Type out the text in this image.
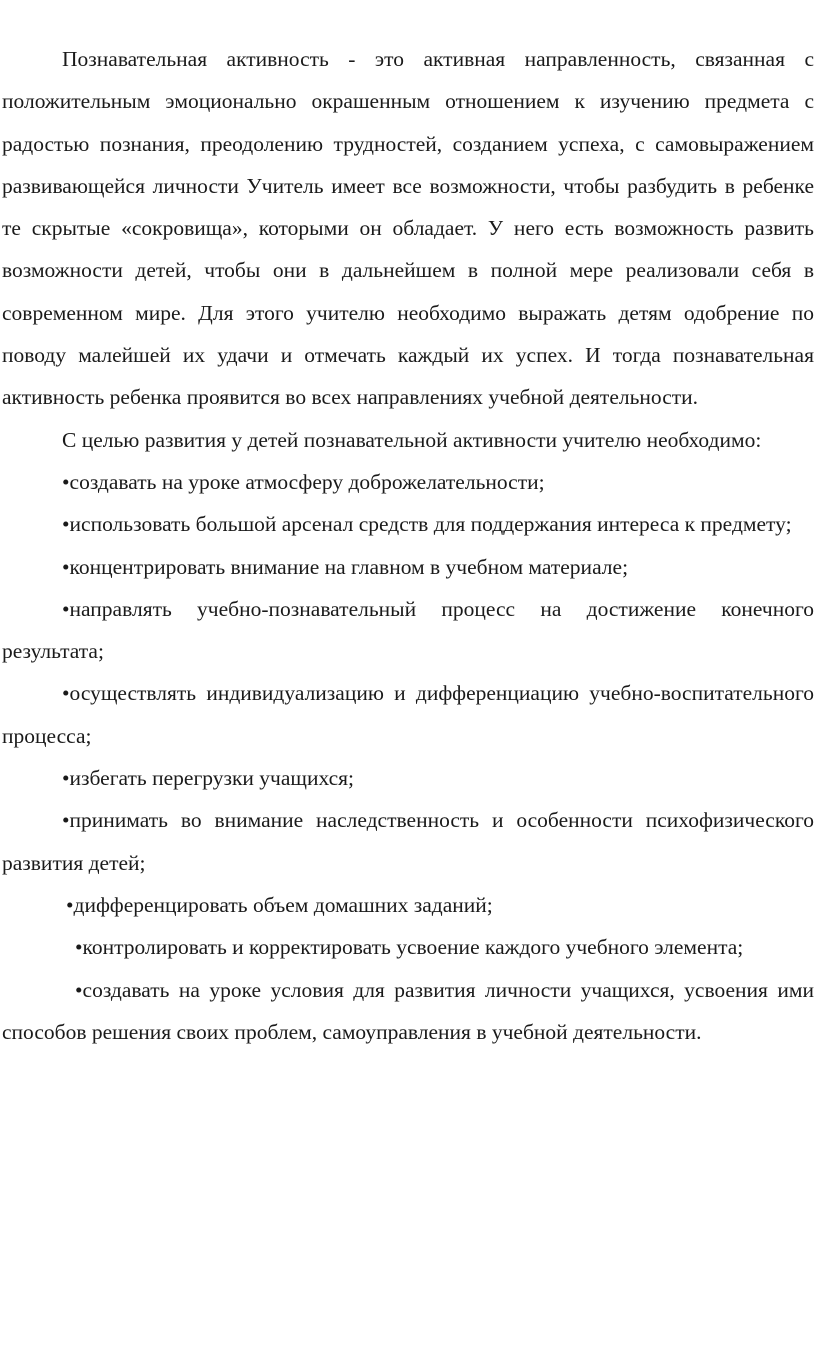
Познавательная активность - это активная направленность, связанная с положительным эмоционально окрашенным отношением к изучению предмета с радостью познания, преодолению трудностей, созданием успеха, с самовыражением развивающейся личности Учитель имеет все возможности, чтобы разбудить в ребенке те скрытые «сокровища», которыми он обладает. У него есть возможность развить возможности детей, чтобы они в дальнейшем в полной мере реализовали себя в современном мире. Для этого учителю необходимо выражать детям одобрение по поводу малейшей их удачи и отмечать каждый их успех. И тогда познавательная активность ребенка проявится во всех направлениях учебной деятельности.

С целью развития у детей познавательной активности учителю необходимо:

•создавать на уроке атмосферу доброжелательности;

•использовать большой арсенал средств для поддержания интереса к предмету;

•концентрировать внимание на главном в учебном материале;

•направлять учебно-познавательный процесс на достижение конечного результата;

•осуществлять индивидуализацию и дифференциацию учебно-воспитательного процесса;

•избегать перегрузки учащихся;

•принимать во внимание наследственность и особенности психофизического развития детей;

•дифференцировать объем домашних заданий;

•контролировать и корректировать усвоение каждого учебного элемента;

•создавать на уроке условия для развития личности учащихся, усвоения ими способов решения своих проблем, самоуправления в учебной деятельности.
